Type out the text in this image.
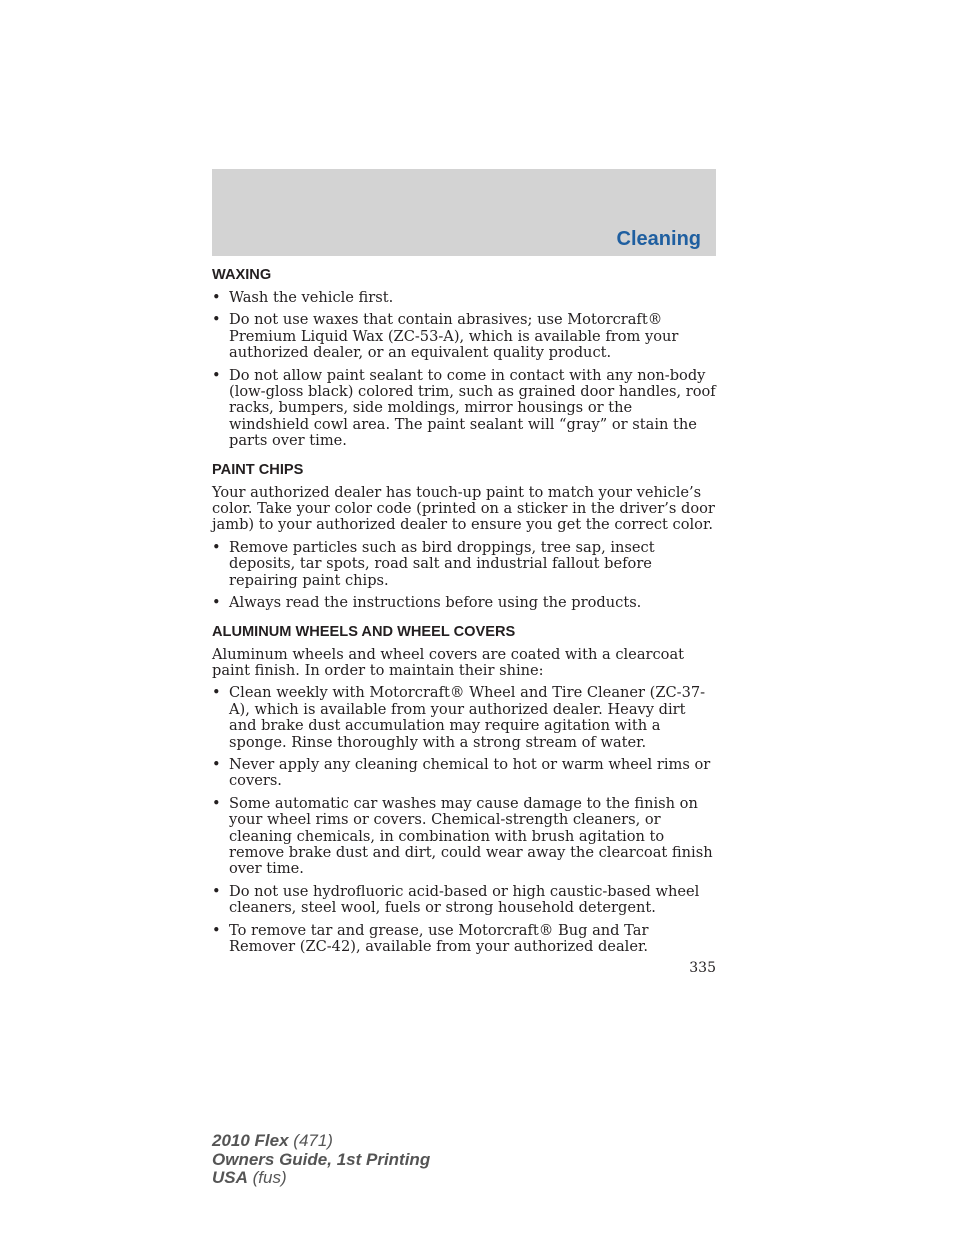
Cleaning
WAXING
• Wash the vehicle first.
• Do not use waxes that contain abrasives; use Motorcraft® Premium Liquid Wax (ZC-53-A), which is available from your authorized dealer, or an equivalent quality product.
• Do not allow paint sealant to come in contact with any non-body (low-gloss black) colored trim, such as grained door handles, roof racks, bumpers, side moldings, mirror housings or the windshield cowl area. The paint sealant will “gray” or stain the parts over time.
PAINT CHIPS

Your authorized dealer has touch-up paint to match your vehicle’s color. Take your color code (printed on a sticker in the driver’s door jamb) to your authorized dealer to ensure you get the correct color.

• Remove particles such as bird droppings, tree sap, insect deposits, tar spots, road salt and industrial fallout before repairing paint chips.
• Always read the instructions before using the products.
ALUMINUM WHEELS AND WHEEL COVERS

Aluminum wheels and wheel covers are coated with a clearcoat paint finish. In order to maintain their shine:

• Clean weekly with Motorcraft® Wheel and Tire Cleaner (ZC-37-A), which is available from your authorized dealer. Heavy dirt and brake dust accumulation may require agitation with a sponge. Rinse thoroughly with a strong stream of water.
• Never apply any cleaning chemical to hot or warm wheel rims or covers.
• Some automatic car washes may cause damage to the finish on your wheel rims or covers. Chemical-strength cleaners, or cleaning chemicals, in combination with brush agitation to remove brake dust and dirt, could wear away the clearcoat finish over time.
• Do not use hydrofluoric acid-based or high caustic-based wheel cleaners, steel wool, fuels or strong household detergent.
• To remove tar and grease, use Motorcraft® Bug and Tar Remover (ZC-42), available from your authorized dealer.
335
2010 Flex (471)
Owners Guide, 1st Printing
USA (fus)
